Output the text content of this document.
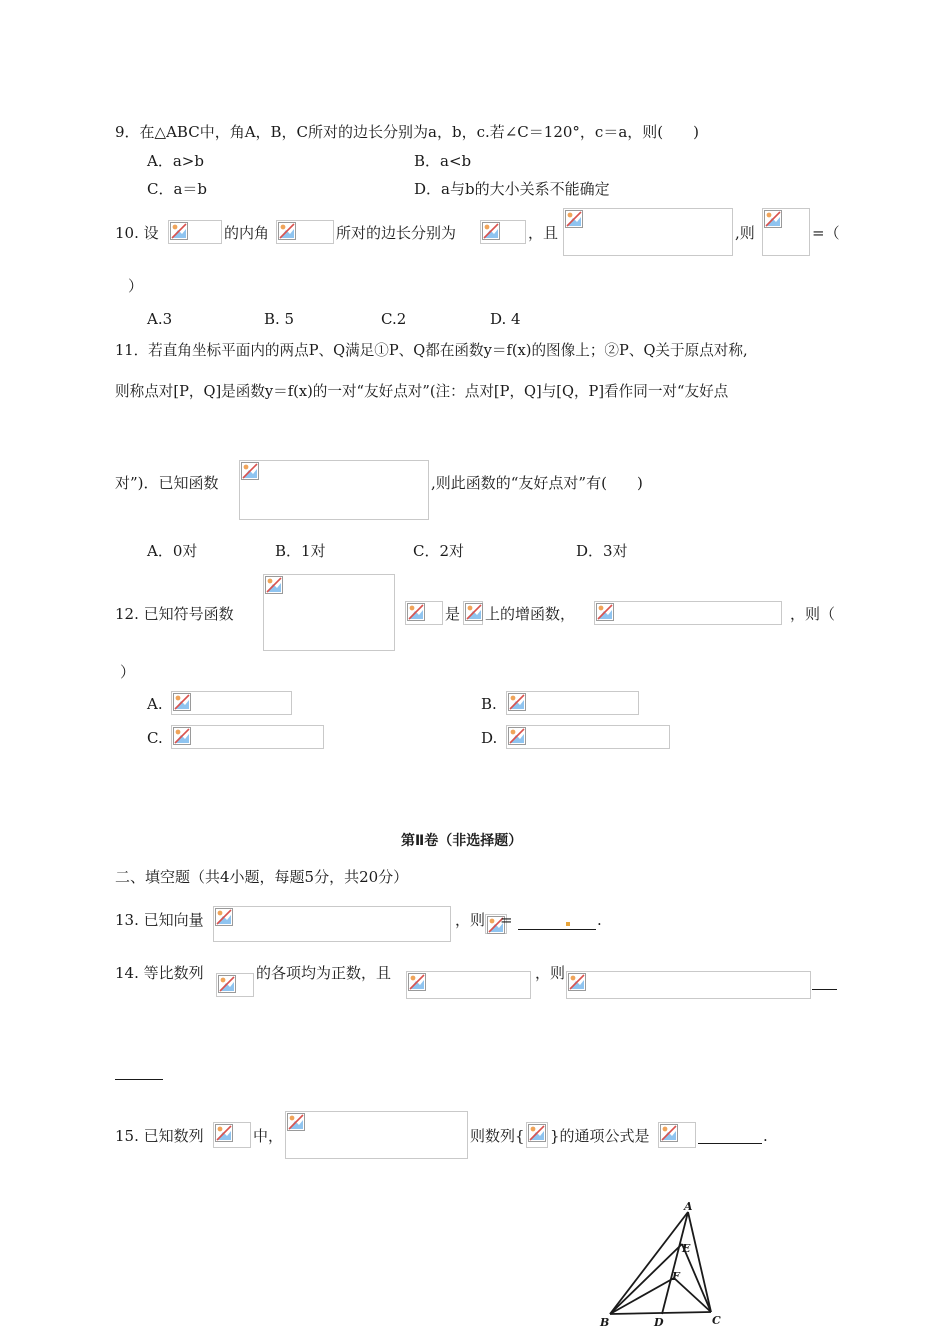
9．在△ABC中，角A，B，C所对的边长分别为a，b，c.若∠C＝120°，c＝a，则(　　)
A．a>b	B．a<b
C．a＝b	D．a与b的大小关系不能确定
10. 设	的内角	所对的边长分别为	，且	,则	=（
）
A.3	B. 5	C.2	D. 4
11．若直角坐标平面内的两点P、Q满足①P、Q都在函数y＝f(x)的图像上；②P、Q关于原点对称,
则称点对[P，Q]是函数y＝f(x)的一对“友好点对”(注：点对[P，Q]与[Q，P]看作同一对“友好点
对”)．已知函数	,则此函数的“友好点对”有(　　)
A．0对	B．1对	C．2对	D．3对
12. 已知符号函数	是 上的增函数，	，则（
）
A.	B.
C.	D.
第Ⅱ卷（非选择题）
二、填空题（共4小题，每题5分，共20分）
13. 已知向量	，则 =	.
14. 等比数列	的各项均为正数，且	，则
15. 已知数列	中，	则数列{ }的通项公式是	.
A
E
F
B	D	C
